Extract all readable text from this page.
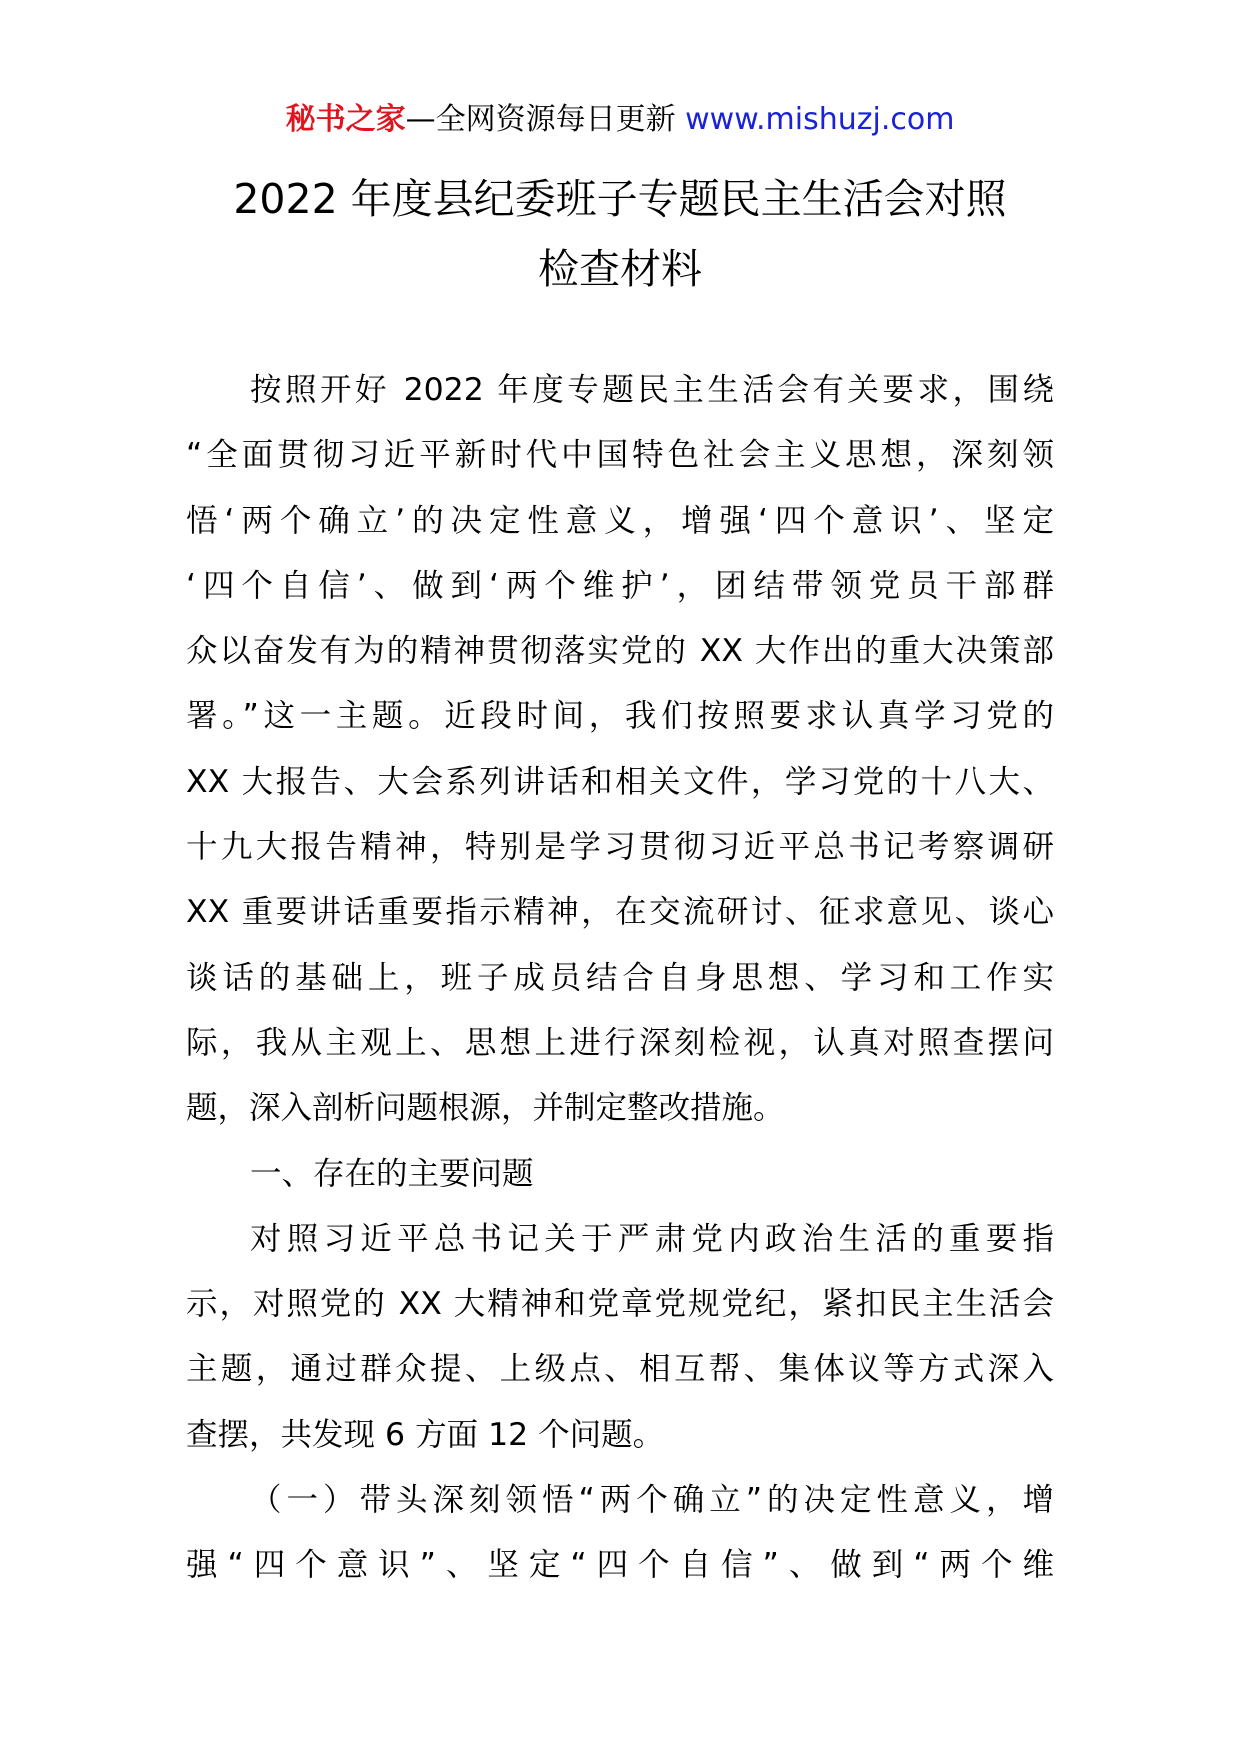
秘书之家—全网资源每日更新 www.mishuzj.com
2022 年度县纪委班子专题民主生活会对照
检查材料
按照开好 2022 年度专题民主生活会有关要求，围绕
“全面贯彻习近平新时代中国特色社会主义思想，深刻领
悟‘两个确立’的决定性意义，增强‘四个意识’、坚定
‘四个自信’、做到‘两个维护’，团结带领党员干部群
众以奋发有为的精神贯彻落实党的 XX 大作出的重大决策部
署。”这一主题。近段时间，我们按照要求认真学习党的
XX 大报告、大会系列讲话和相关文件，学习党的十八大、
十九大报告精神，特别是学习贯彻习近平总书记考察调研
XX 重要讲话重要指示精神，在交流研讨、征求意见、谈心
谈话的基础上，班子成员结合自身思想、学习和工作实
际，我从主观上、思想上进行深刻检视，认真对照查摆问
题，深入剖析问题根源，并制定整改措施。
一、存在的主要问题
对照习近平总书记关于严肃党内政治生活的重要指
示，对照党的 XX 大精神和党章党规党纪，紧扣民主生活会
主题，通过群众提、上级点、相互帮、集体议等方式深入
查摆，共发现 6 方面 12 个问题。
（一）带头深刻领悟“两个确立”的决定性意义，增
强“四个意识”、坚定“四个自信”、做到“两个维
